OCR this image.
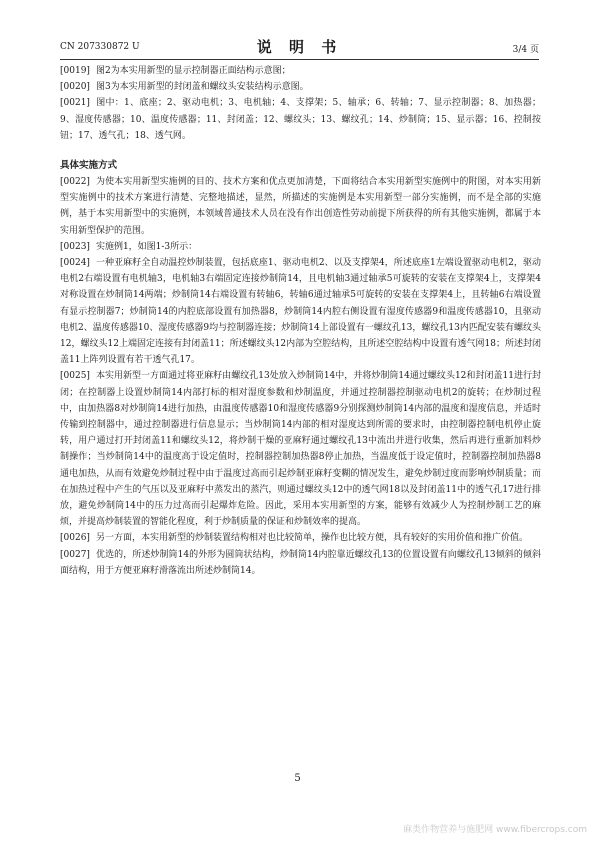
CN 207330872 U	说 明 书	3/4 页

[0019] 图2为本实用新型的显示控制器正面结构示意图；

[0020] 图3为本实用新型的封闭盖和螺纹头安装结构示意图。

[0021] 图中：1、底座；2、驱动电机；3、电机轴；4、支撑架；5、轴承；6、转轴；7、显示控制器；8、加热器；9、湿度传感器；10、温度传感器；11、封闭盖；12、螺纹头；13、螺纹孔；14、炒制筒；15、显示器；16、控制按钮；17、透气孔；18、透气网。

具体实施方式

[0022] 为使本实用新型实施例的目的、技术方案和优点更加清楚，下面将结合本实用新型实施例中的附图，对本实用新型实施例中的技术方案进行清楚、完整地描述，显然，所描述的实施例是本实用新型一部分实施例，而不是全部的实施例，基于本实用新型中的实施例，本领域普通技术人员在没有作出创造性劳动前提下所获得的所有其他实施例，都属于本实用新型保护的范围。

[0023] 实施例1，如图1-3所示：

[0024] 一种亚麻籽全自动温控炒制装置，包括底座1、驱动电机2、以及支撑架4，所述底座1左端设置驱动电机2，驱动电机2右端设置有电机轴3，电机轴3右端固定连接炒制筒14，且电机轴3通过轴承5可旋转的安装在支撑架4上，支撑架4对称设置在炒制筒14两端；炒制筒14右端设置有转轴6，转轴6通过轴承5可旋转的安装在支撑架4上，且转轴6右端设置有显示控制器7；炒制筒14的内腔底部设置有加热器8，炒制筒14内腔右侧设置有湿度传感器9和温度传感器10，且驱动电机2、温度传感器10、湿度传感器9均与控制器连接；炒制筒14上部设置有一螺纹孔13，螺纹孔13内匹配安装有螺纹头12，螺纹头12上端固定连接有封闭盖11；所述螺纹头12内部为空腔结构，且所述空腔结构中设置有透气网18；所述封闭盖11上阵列设置有若干透气孔17。

[0025] 本实用新型一方面通过将亚麻籽由螺纹孔13处放入炒制筒14中，并将炒制筒14通过螺纹头12和封闭盖11进行封闭；在控制器上设置炒制筒14内部打标的相对湿度参数和炒制温度，并通过控制器控制驱动电机2的旋转；在炒制过程中，由加热器8对炒制筒14进行加热，由温度传感器10和湿度传感器9分别探测炒制筒14内部的温度和湿度信息，并适时传输到控制器中，通过控制器进行信息显示；当炒制筒14内部的相对湿度达到所需的要求时，由控制器控制电机停止旋转，用户通过打开封闭盖11和螺纹头12，将炒制干燥的亚麻籽通过螺纹孔13中流出并进行收集，然后再进行重新加料炒制操作；当炒制筒14中的温度高于设定值时，控制器控制加热器8停止加热，当温度低于设定值时，控制器控制加热器8通电加热，从而有效避免炒制过程中由于温度过高而引起炒制亚麻籽变糊的情况发生，避免炒制过度而影响炒制质量；而在加热过程中产生的气压以及亚麻籽中蒸发出的蒸汽，则通过螺纹头12中的透气网18以及封闭盖11中的透气孔17进行排放，避免炒制筒14中的压力过高而引起爆炸危险。因此，采用本实用新型的方案，能够有效减少人为控制炒制工艺的麻烦，并提高炒制装置的智能化程度，利于炒制质量的保证和炒制效率的提高。

[0026] 另一方面，本实用新型的炒制装置结构相对也比较简单，操作也比较方便，具有较好的实用价值和推广价值。

[0027] 优选的，所述炒制筒14的外形为圆筒状结构，炒制筒14内腔靠近螺纹孔13的位置设置有向螺纹孔13倾斜的倾斜面结构，用于方便亚麻籽滑落流出所述炒制筒14。

5
麻类作物营养与施肥网 www.fibercrops.com
